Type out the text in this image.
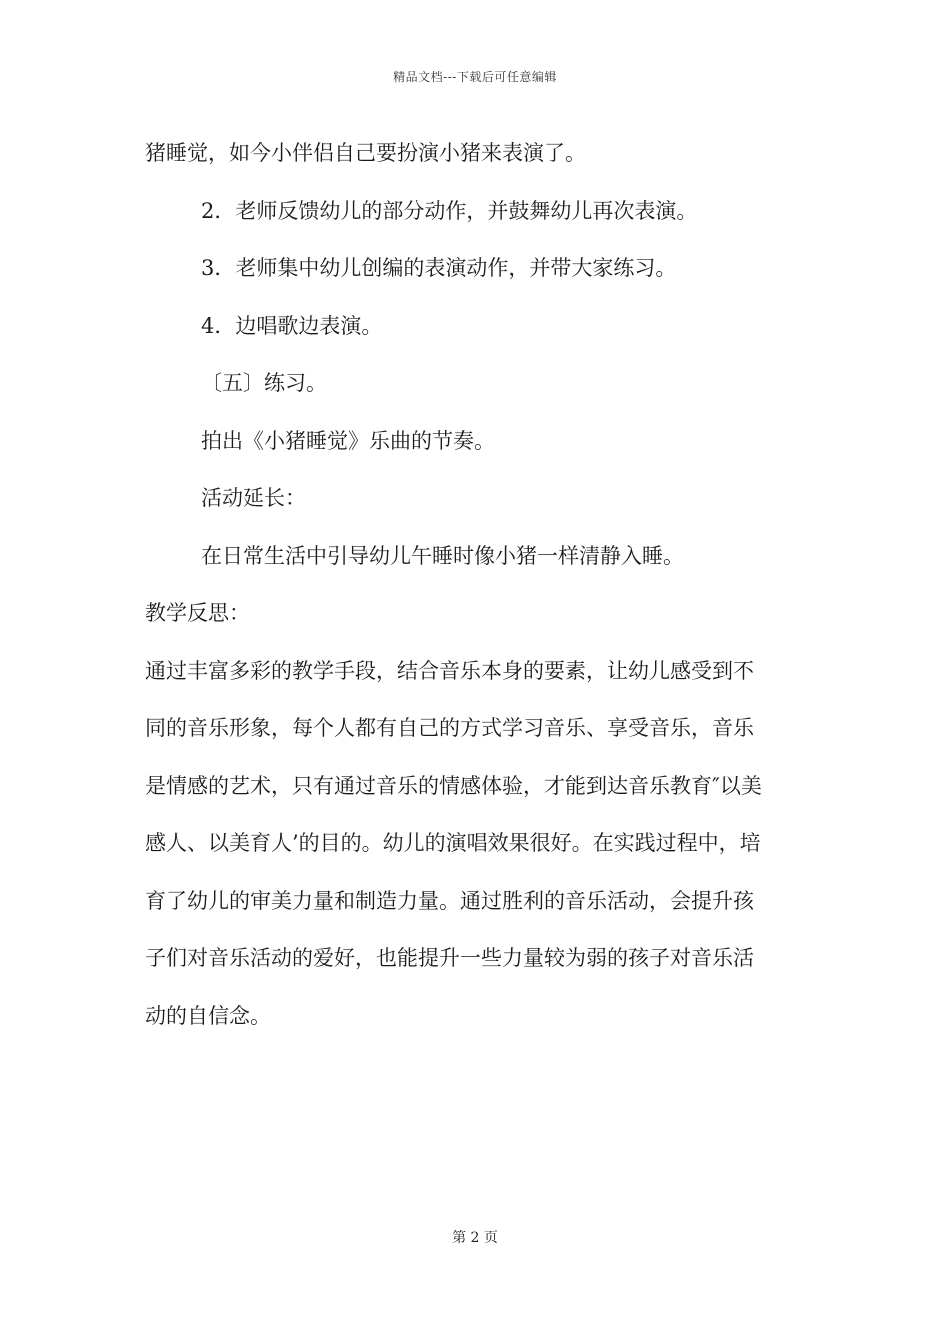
精品文档---下载后可任意编辑
猪睡觉，如今小伴侣自己要扮演小猪来表演了。
2．老师反馈幼儿的部分动作，并鼓舞幼儿再次表演。
3．老师集中幼儿创编的表演动作，并带大家练习。
4．边唱歌边表演。
〔五〕练习。
拍出《小猪睡觉》乐曲的节奏。
活动延长：
在日常生活中引导幼儿午睡时像小猪一样清静入睡。
教学反思：
通过丰富多彩的教学手段，结合音乐本身的要素，让幼儿感受到不
同的音乐形象，每个人都有自己的方式学习音乐、享受音乐，音乐
是情感的艺术，只有通过音乐的情感体验，才能到达音乐教育″以美
感人、以美育人’的目的。幼儿的演唱效果很好。在实践过程中，培
育了幼儿的审美力量和制造力量。通过胜利的音乐活动，会提升孩
子们对音乐活动的爱好，也能提升一些力量较为弱的孩子对音乐活
动的自信念。
第 2 页
